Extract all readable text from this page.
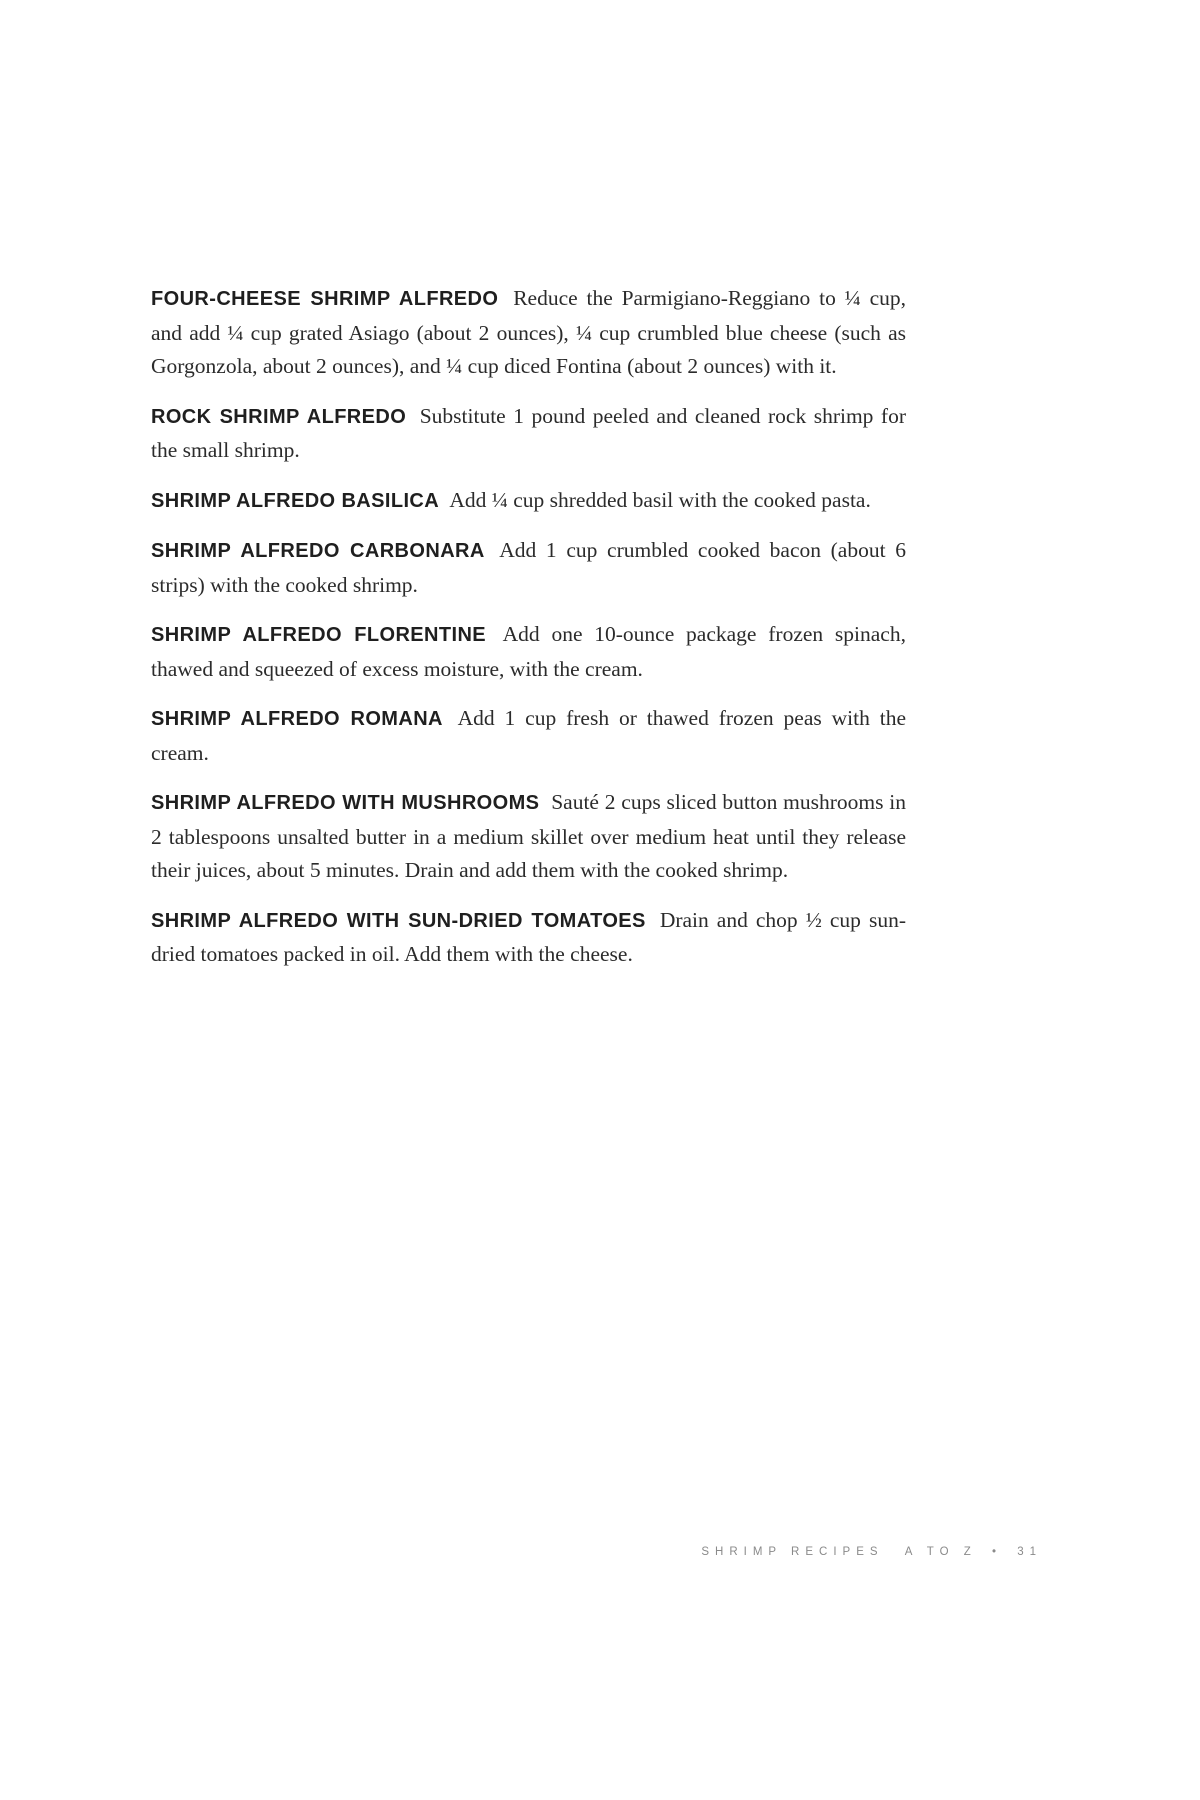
FOUR-CHEESE SHRIMP ALFREDO Reduce the Parmigiano-Reggiano to ¼ cup, and add ¼ cup grated Asiago (about 2 ounces), ¼ cup crumbled blue cheese (such as Gorgonzola, about 2 ounces), and ¼ cup diced Fontina (about 2 ounces) with it.

ROCK SHRIMP ALFREDO Substitute 1 pound peeled and cleaned rock shrimp for the small shrimp.

SHRIMP ALFREDO BASILICA Add ¼ cup shredded basil with the cooked pasta.

SHRIMP ALFREDO CARBONARA Add 1 cup crumbled cooked bacon (about 6 strips) with the cooked shrimp.

SHRIMP ALFREDO FLORENTINE Add one 10-ounce package frozen spinach, thawed and squeezed of excess moisture, with the cream.

SHRIMP ALFREDO ROMANA Add 1 cup fresh or thawed frozen peas with the cream.

SHRIMP ALFREDO WITH MUSHROOMS Sauté 2 cups sliced button mushrooms in 2 tablespoons unsalted butter in a medium skillet over medium heat until they release their juices, about 5 minutes. Drain and add them with the cooked shrimp.

SHRIMP ALFREDO WITH SUN-DRIED TOMATOES Drain and chop ½ cup sun-dried tomatoes packed in oil. Add them with the cheese.

SHRIMP RECIPES A TO Z • 31
